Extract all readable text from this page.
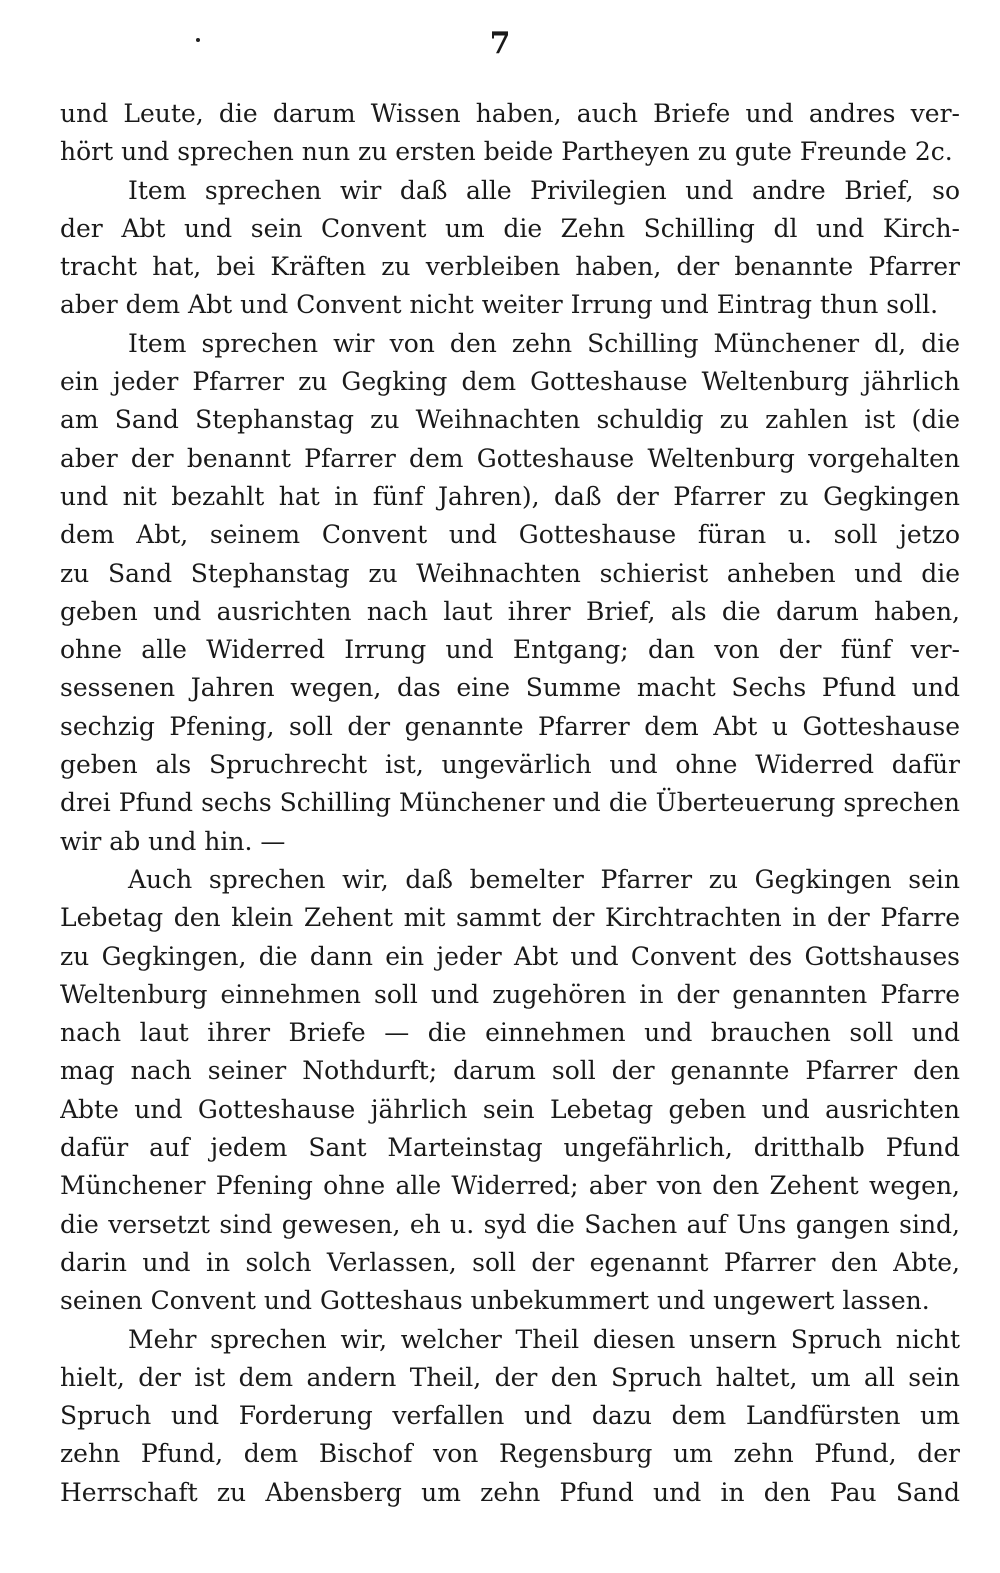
7
und Leute, die darum Wissen haben, auch Briefe und andres ver-
hört und sprechen nun zu ersten beide Partheyen zu gute Freunde 2c.
Item sprechen wir daß alle Privilegien und andre Brief, so
der Abt und sein Convent um die Zehn Schilling dl und Kirch-
tracht hat, bei Kräften zu verbleiben haben, der benannte Pfarrer
aber dem Abt und Convent nicht weiter Irrung und Eintrag thun soll.
Item sprechen wir von den zehn Schilling Münchener dl, die
ein jeder Pfarrer zu Gegking dem Gotteshause Weltenburg jährlich
am Sand Stephanstag zu Weihnachten schuldig zu zahlen ist (die
aber der benannt Pfarrer dem Gotteshause Weltenburg vorgehalten
und nit bezahlt hat in fünf Jahren), daß der Pfarrer zu Gegkingen
dem Abt, seinem Convent und Gotteshause füran u. soll jetzo
zu Sand Stephanstag zu Weihnachten schierist anheben und die
geben und ausrichten nach laut ihrer Brief, als die darum haben,
ohne alle Widerred Irrung und Entgang; dan von der fünf ver-
sessenen Jahren wegen, das eine Summe macht Sechs Pfund und
sechzig Pfening, soll der genannte Pfarrer dem Abt u Gotteshause
geben als Spruchrecht ist, ungevärlich und ohne Widerred dafür
drei Pfund sechs Schilling Münchener und die Überteuerung sprechen
wir ab und hin. —
Auch sprechen wir, daß bemelter Pfarrer zu Gegkingen sein
Lebetag den klein Zehent mit sammt der Kirchtrachten in der Pfarre
zu Gegkingen, die dann ein jeder Abt und Convent des Gottshauses
Weltenburg einnehmen soll und zugehören in der genannten Pfarre
nach laut ihrer Briefe — die einnehmen und brauchen soll und
mag nach seiner Nothdurft; darum soll der genannte Pfarrer den
Abte und Gotteshause jährlich sein Lebetag geben und ausrichten
dafür auf jedem Sant Marteinstag ungefährlich, dritthalb Pfund
Münchener Pfening ohne alle Widerred; aber von den Zehent wegen,
die versetzt sind gewesen, eh u. syd die Sachen auf Uns gangen sind,
darin und in solch Verlassen, soll der egenannt Pfarrer den Abte,
seinen Convent und Gotteshaus unbekummert und ungewert lassen.
Mehr sprechen wir, welcher Theil diesen unsern Spruch nicht
hielt, der ist dem andern Theil, der den Spruch haltet, um all sein
Spruch und Forderung verfallen und dazu dem Landfürsten um
zehn Pfund, dem Bischof von Regensburg um zehn Pfund, der
Herrschaft zu Abensberg um zehn Pfund und in den Pau Sand
